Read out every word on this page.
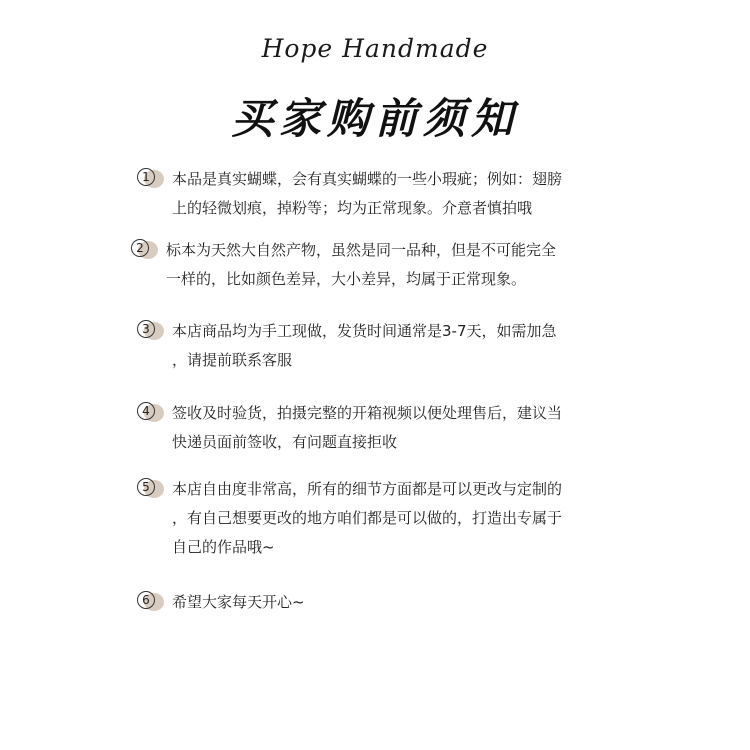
Hope Handmade
买家购前须知
1	本品是真实蝴蝶，会有真实蝴蝶的一些小瑕疵；例如：翅膀
上的轻微划痕，掉粉等；均为正常现象。介意者慎拍哦
2	标本为天然大自然产物，虽然是同一品种，但是不可能完全
一样的，比如颜色差异，大小差异，均属于正常现象。
3	本店商品均为手工现做，发货时间通常是3-7天，如需加急
，请提前联系客服
4	签收及时验货，拍摄完整的开箱视频以便处理售后，建议当
快递员面前签收，有问题直接拒收
5	本店自由度非常高，所有的细节方面都是可以更改与定制的
，有自己想要更改的地方咱们都是可以做的，打造出专属于
自己的作品哦~
6	希望大家每天开心~
